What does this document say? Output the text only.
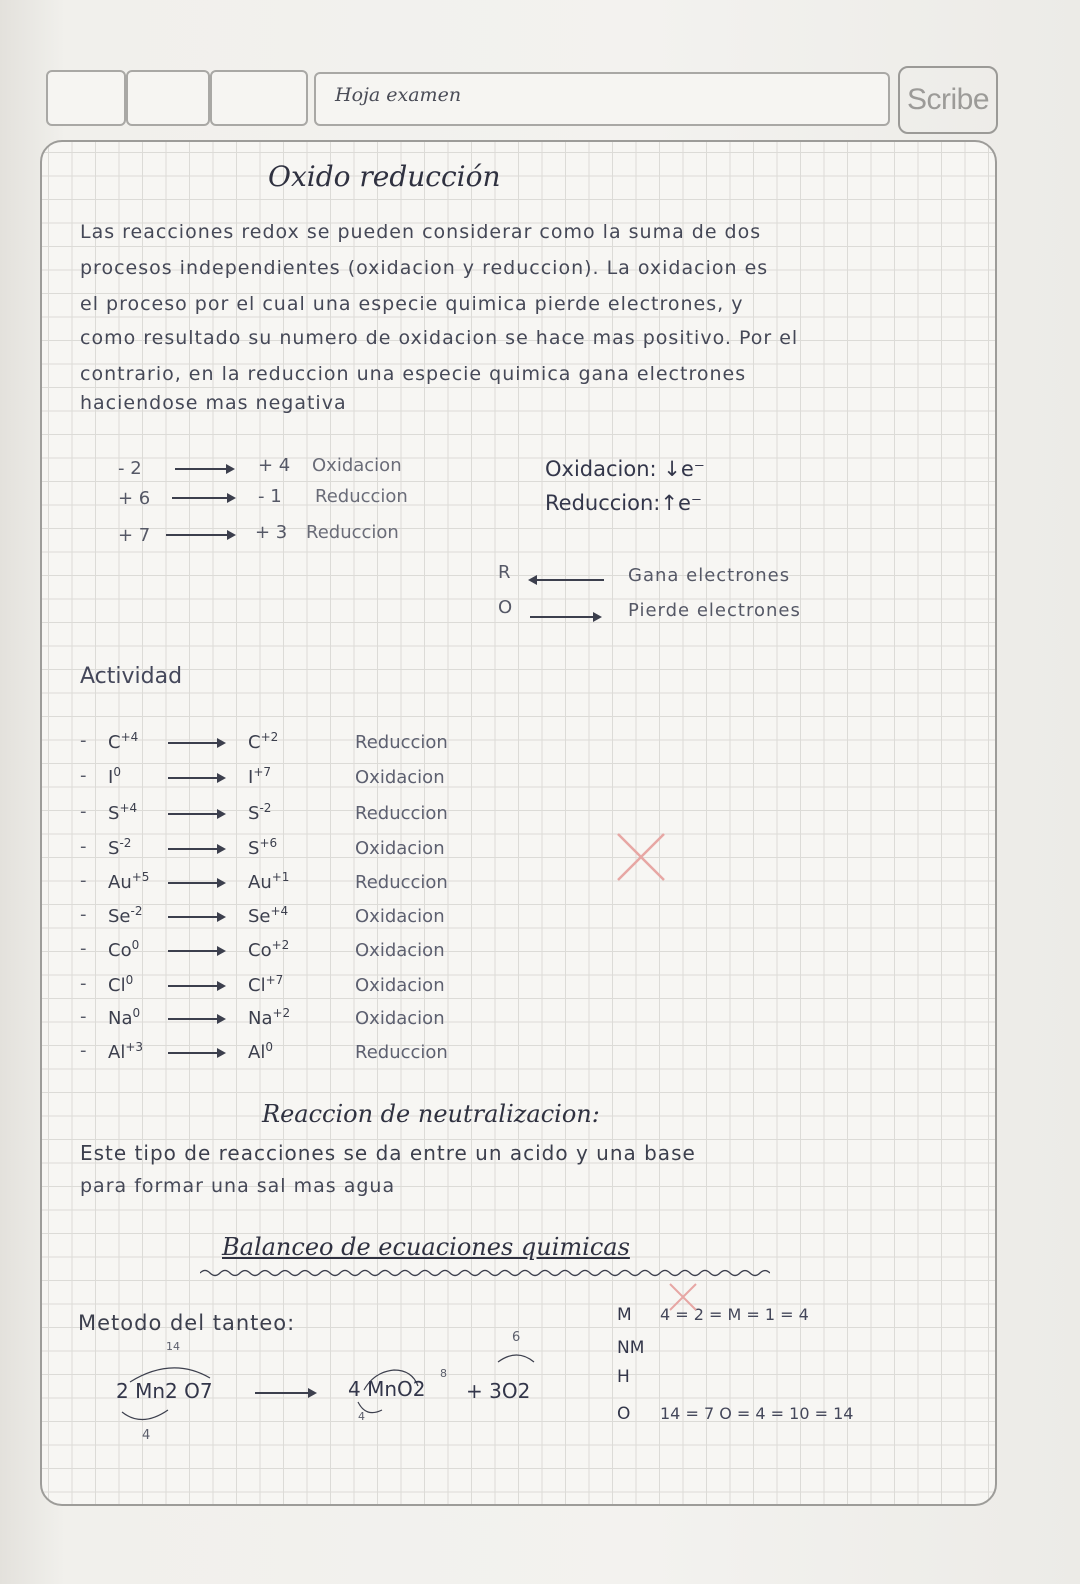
Hoja examen	Scribe
Oxido reducción
Las reacciones redox se pueden considerar como la suma de dos
procesos independientes (oxidacion y reduccion). La oxidacion es
el proceso por el cual una especie quimica pierde electrones, y
como resultado su numero de oxidacion se hace mas positivo. Por el
contrario, en la reduccion una especie quimica gana electrones
haciendose mas negativa
- 2	+ 4 Oxidacion
+ 6	- 1 Reduccion
+ 7	+ 3 Reduccion
Oxidacion: ↓e⁻
Reduccion:↑e⁻
R	Gana electrones
O	Pierde electrones
Actividad
- $C^{+4}$	$C^{+2}$	Reduccion
- $I^0$	$I^{+7}$	Oxidacion
- $S^{+4}$	$S^{-2}$	Reduccion
- $S^{-2}$	$S^{+6}$	Oxidacion
- $Au^{+5}$	$Au^{+1}$	Reduccion
- $Se^{-2}$	$Se^{+4}$	Oxidacion
- Co$^0$	$Co^{+2}$	Oxidacion
- Cl$^0$	$Cl^{+7}$	Oxidacion
- Na$^0$	$Na^{+2}$	Oxidacion
- $Al^{+3}$	Al$^0$	Reduccion
Reaccion de neutralizacion:
Este tipo de reacciones se da entre un acido y una base
para formar una sal mas agua
Balanceo de ecuaciones quimicas
Metodo del tanteo:
14
6
8
4
4
2 Mn2 O7	4 MnO2 + 3O2
M 4 = 2 = M = 1 = 4
NM
H
O 14 = 7 O = 4 = 10 = 14
